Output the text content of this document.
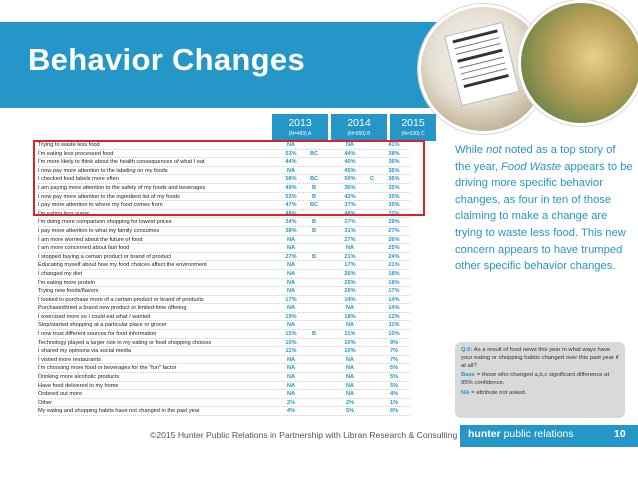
Behavior Changes
2013
(N=493) A
2014
(N=550) B
2015
(N=530) C
Trying to waste less food	NA	NA	41%
I'm eating less processed food	53%	BC	44%	38%
I'm more likely to think about the health consequences of what I eat	44%	40%	36%
I now pay more attention to the labeling on my foods	NA	45%	36%
I checked food labels more often	58%	BC	50%	C	36%
I am paying more attention to the safety of my foods and beverages	49%	B	36%	35%
I now pay more attention to the ingredient list of my foods	53%	B	42%	35%
I pay more attention to where my food comes from	47%	BC	37%	35%
I'm eating less sugar	48%	48%	32%
I'm doing more comparison shopping for lowest prices	34%	B	27%	29%
I pay more attention to what my family consumes	38%	B	31%	27%
I am more worried about the future of food	NA	27%	26%
I am more concerned about fast food	NA	NA	25%
I stopped buying a certain product or brand of product	27%	B	21%	24%
Educating myself about how my food choices affect the environment	NA	17%	21%
I changed my diet	NA	26%	18%
I'm eating more protein	NA	25%	18%
Trying new foods/flavors	NA	26%	17%
I looked to purchase more of a certain product or brand of products	17%	14%	14%
Purchased/tried a brand new product or limited-time offering	NA	NA	14%
I exercised more so I could eat what I wanted	19%	18%	12%
Stop/started shopping at a particular place or grocer	NA	NA	11%
I now trust different sources for food information	15%	B	11%	10%
Technology played a larger role in my eating or food shopping choices	10%	10%	9%
I shared my opinions via social media	11%	10%	7%
I visited more restaurants	NA	NA	7%
I'm choosing more food or beverages for the "fun" factor	NA	NA	5%
Drinking more alcoholic products	NA	NA	5%
Have food delivered to my home	NA	NA	5%
Ordered out more	NA	NA	4%
Other	2%	2%	1%
My eating and shopping habits have not changed in the past year	4%	5%	6%
While not noted as a top story of the year, Food Waste appears to be driving more specific behavior changes, as four in ten of those claiming to make a change are trying to waste less food. This new concern appears to have trumped other specific behavior changes.

Q.6: As a result of food news this year in what ways have your eating or shopping habits changed over this past year if at all?

Base = those who changed a,b,c significant difference at 95% confidence.

NA = attribute not asked.

©2015 Hunter Public Relations in Partnership with Libran Research & Consulting hunter public relations	10
